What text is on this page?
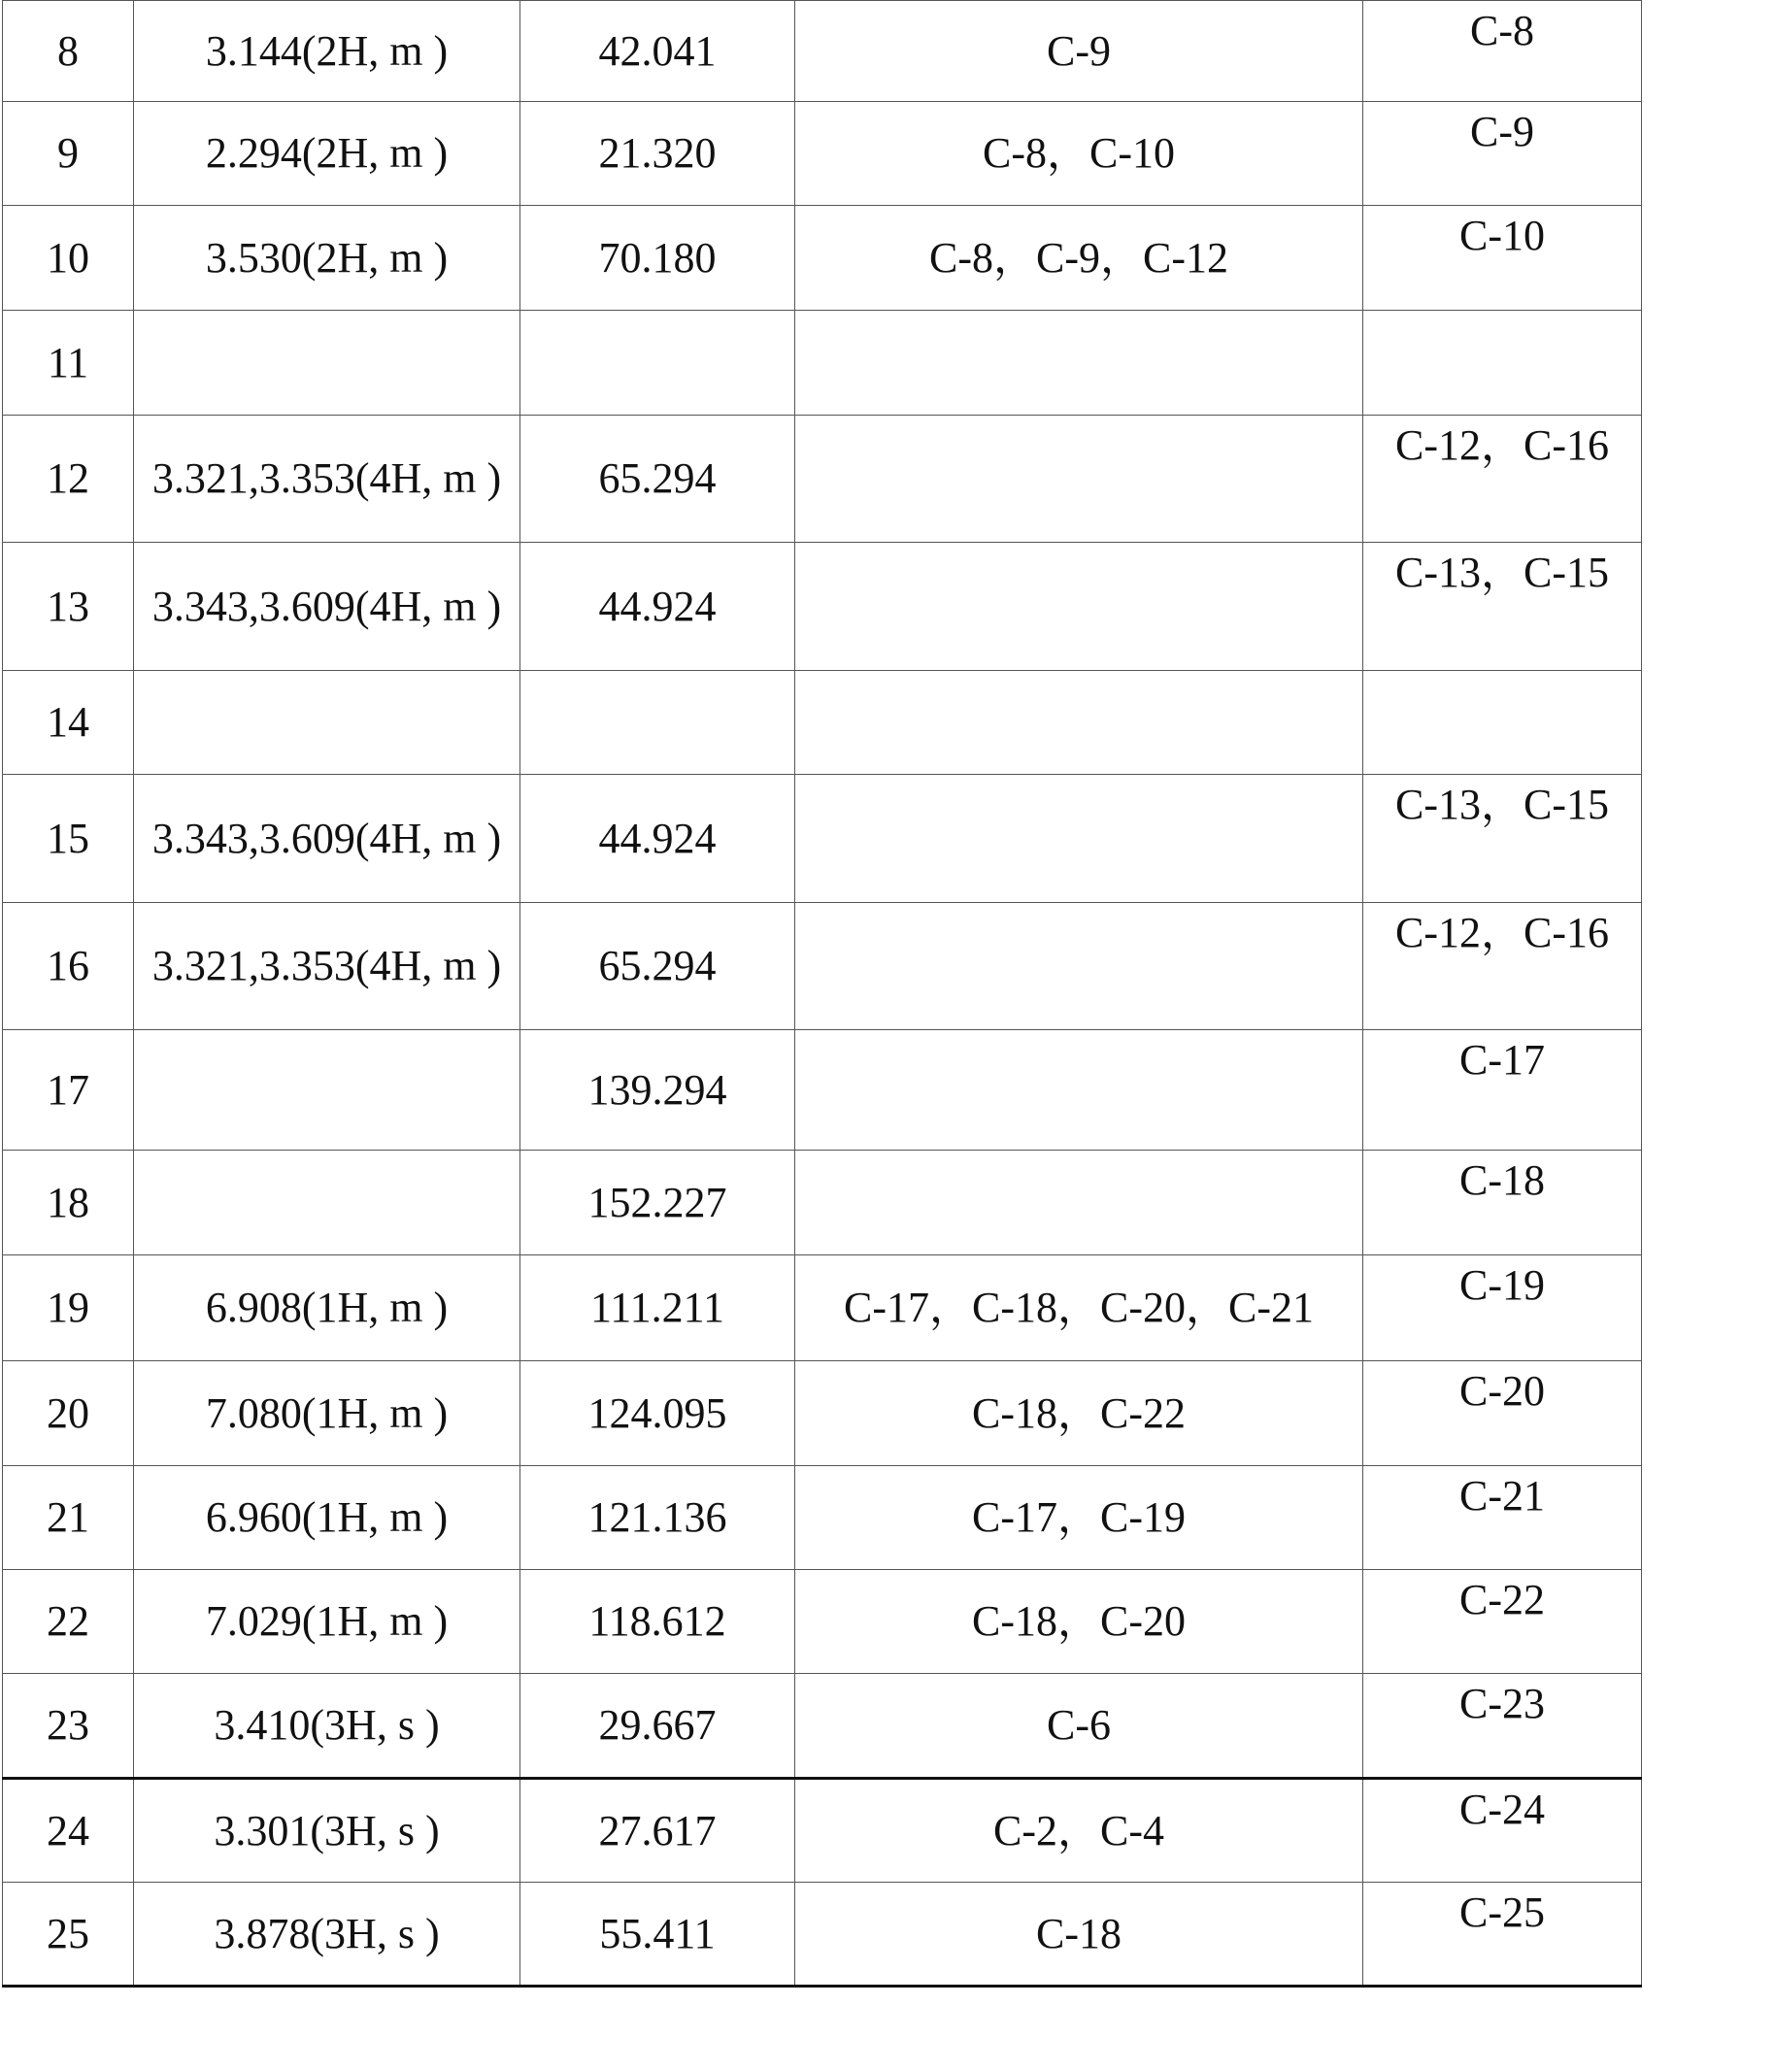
8	3.144(2H, m )	42.041	C-9	C-8
9	2.294(2H, m )	21.320	C-8，C-10	C-9
10	3.530(2H, m )	70.180	C-8，C-9，C-12	C-10
11				
12	3.321,3.353(4H, m )	65.294		C-12，C-16
13	3.343,3.609(4H, m )	44.924		C-13，C-15
14				
15	3.343,3.609(4H, m )	44.924		C-13，C-15
16	3.321,3.353(4H, m )	65.294		C-12，C-16
17		139.294		C-17
18		152.227		C-18
19	6.908(1H, m )	111.211	C-17，C-18，C-20，C-21	C-19
20	7.080(1H, m )	124.095	C-18，C-22	C-20
21	6.960(1H, m )	121.136	C-17，C-19	C-21
22	7.029(1H, m )	118.612	C-18，C-20	C-22
23	3.410(3H, s )	29.667	C-6	C-23
24	3.301(3H, s )	27.617	C-2，C-4	C-24
25	3.878(3H, s )	55.411	C-18	C-25
